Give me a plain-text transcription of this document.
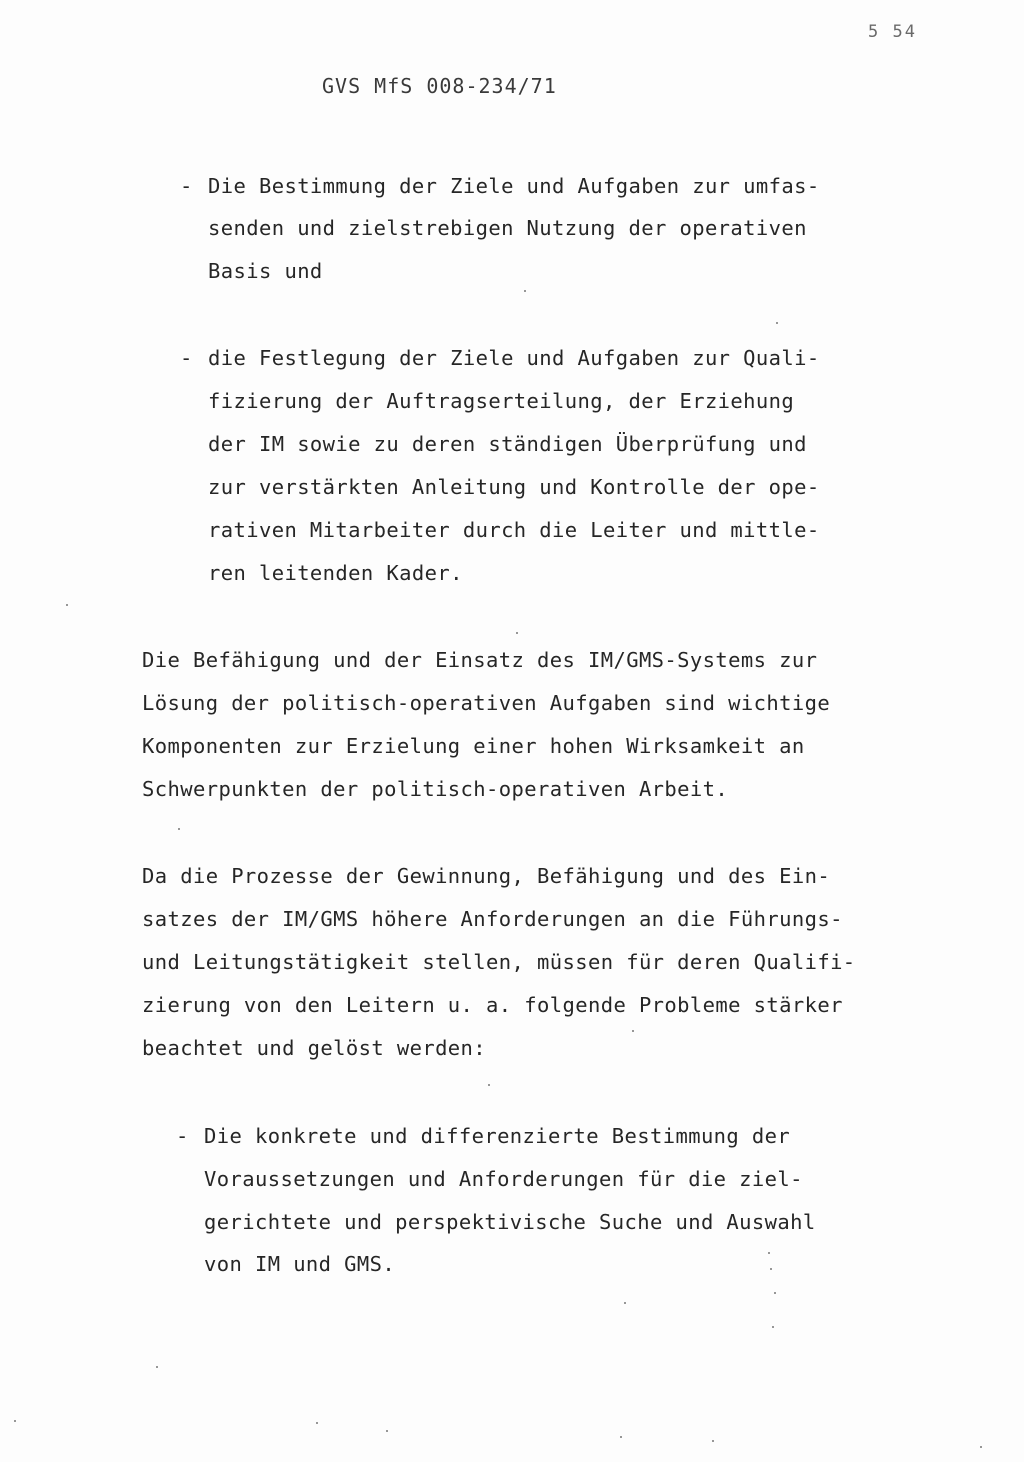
5 54
GVS MfS 008-234/71
- Die Bestimmung der Ziele und Aufgaben zur umfas-
senden und zielstrebigen Nutzung der operativen
Basis und
- die Festlegung der Ziele und Aufgaben zur Quali-
fizierung der Auftragserteilung, der Erziehung
der IM sowie zu deren ständigen Überprüfung und
zur verstärkten Anleitung und Kontrolle der ope-
rativen Mitarbeiter durch die Leiter und mittle-
ren leitenden Kader.
Die Befähigung und der Einsatz des IM/GMS-Systems zur
Lösung der politisch-operativen Aufgaben sind wichtige
Komponenten zur Erzielung einer hohen Wirksamkeit an
Schwerpunkten der politisch-operativen Arbeit.
Da die Prozesse der Gewinnung, Befähigung und des Ein-
satzes der IM/GMS höhere Anforderungen an die Führungs-
und Leitungstätigkeit stellen, müssen für deren Qualifi-
zierung von den Leitern u. a. folgende Probleme stärker
beachtet und gelöst werden:
- Die konkrete und differenzierte Bestimmung der
Voraussetzungen und Anforderungen für die ziel-
gerichtete und perspektivische Suche und Auswahl
von IM und GMS.
